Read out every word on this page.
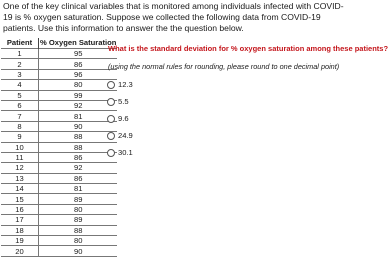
One of the key clinical variables that is monitored among individuals infected with COVID-19 is % oxygen saturation. Suppose we collected the following data from COVID-19 patients. Use this information to answer the the question below.
Patient	% Oxygen Saturation
1	95
2	86
3	96
4	80
5	99
6	92
7	81
8	90
9	88
10	88
11	86
12	92
13	86
14	81
15	89
16	80
17	89
18	88
19	80
20	90
What is the standard deviation for % oxygen saturation among these patients?
(using the normal rules for rounding, please round to one decimal point)
12.3
5.5
9.6
24.9
30.1
